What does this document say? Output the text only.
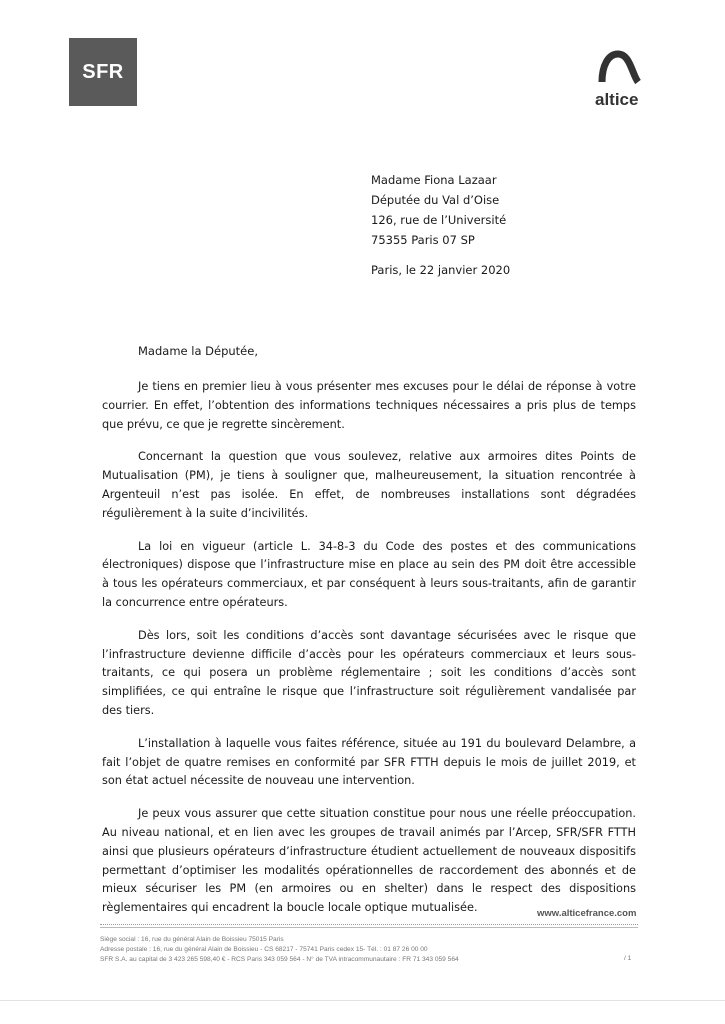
SFR
altice
Madame Fiona Lazaar
Députée du Val d’Oise
126, rue de l’Université
75355 Paris 07 SP
Paris, le 22 janvier 2020
Madame la Députée,

Je tiens en premier lieu à vous présenter mes excuses pour le délai de réponse à votre courrier. En effet, l’obtention des informations techniques nécessaires a pris plus de temps que prévu, ce que je regrette sincèrement.

Concernant la question que vous soulevez, relative aux armoires dites Points de Mutualisation (PM), je tiens à souligner que, malheureusement, la situation rencontrée à Argenteuil n’est pas isolée. En effet, de nombreuses installations sont dégradées régulièrement à la suite d’incivilités.

La loi en vigueur (article L. 34-8-3 du Code des postes et des communications électroniques) dispose que l’infrastructure mise en place au sein des PM doit être accessible à tous les opérateurs commerciaux, et par conséquent à leurs sous-traitants, afin de garantir la concurrence entre opérateurs.

Dès lors, soit les conditions d’accès sont davantage sécurisées avec le risque que l’infrastructure devienne difficile d’accès pour les opérateurs commerciaux et leurs sous-traitants, ce qui posera un problème réglementaire ; soit les conditions d’accès sont simplifiées, ce qui entraîne le risque que l’infrastructure soit régulièrement vandalisée par des tiers.

L’installation à laquelle vous faites référence, située au 191 du boulevard Delambre, a fait l’objet de quatre remises en conformité par SFR FTTH depuis le mois de juillet 2019, et son état actuel nécessite de nouveau une intervention.

Je peux vous assurer que cette situation constitue pour nous une réelle préoccupation. Au niveau national, et en lien avec les groupes de travail animés par l’Arcep, SFR/SFR FTTH ainsi que plusieurs opérateurs d’infrastructure étudient actuellement de nouveaux dispositifs permettant d’optimiser les modalités opérationnelles de raccordement des abonnés et de mieux sécuriser les PM (en armoires ou en shelter) dans le respect des dispositions règlementaires qui encadrent la boucle locale optique mutualisée.	www.alticefrance.com
Siège social : 16, rue du général Alain de Boissieu 75015 Paris
Adresse postale : 16, rue du général Alain de Boissieu - CS 68217 - 75741 Paris cedex 15- Tél. : 01 87 26 00 00
SFR S.A. au capital de 3 423 265 598,40 € - RCS Paris 343 059 564 - N° de TVA intracommunautaire : FR 71 343 059 564	/ 1
